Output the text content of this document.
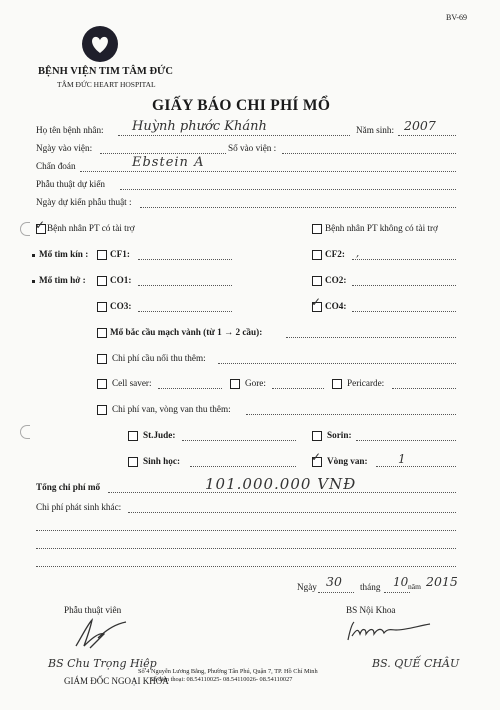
BV-69
BỆNH VIỆN TIM TÂM ĐỨC
TÂM ĐỨC HEART HOSPITAL
GIẤY BÁO CHI PHÍ MỔ
Họ tên bệnh nhân: Huỳnh phước Khánh	Năm sinh: 2007
Ngày vào viện:	Số vào viện :
Chẩn đoán	Ebstein A
Phẫu thuật dự kiến
Ngày dự kiến phẫu thuật :
✓ Bệnh nhân PT có tài trợ	Bệnh nhân PT không có tài trợ
Mổ tim kín : CF1:	CF2: ,
Mổ tim hở :	CO1:	CO2:
CO3:	✓ CO4:
Mổ bắc cầu mạch vành (từ 1 → 2 cầu):
Chi phí cầu nối thu thêm:
Cell saver:	Gore:	Pericarde:
Chi phí van, vòng van thu thêm:
St.Jude:	Sorin:
Sinh học:	✓ Vòng van:	1
Tổng chi phí mổ	101.000.000 VNĐ
Chi phí phát sinh khác:
Ngày 30 tháng 10 năm 2015
Phẫu thuật viên	BS Nội Khoa
BS Chu Trọng Hiệp
GIÁM ĐỐC NGOẠI KHOA
BS. QUẾ CHÂU
Số 4 Nguyễn Lương Bằng, Phường Tân Phú, Quận 7, TP. Hồ Chí Minh
Số điện thoại: 08.54110025- 08.54110026- 08.54110027
